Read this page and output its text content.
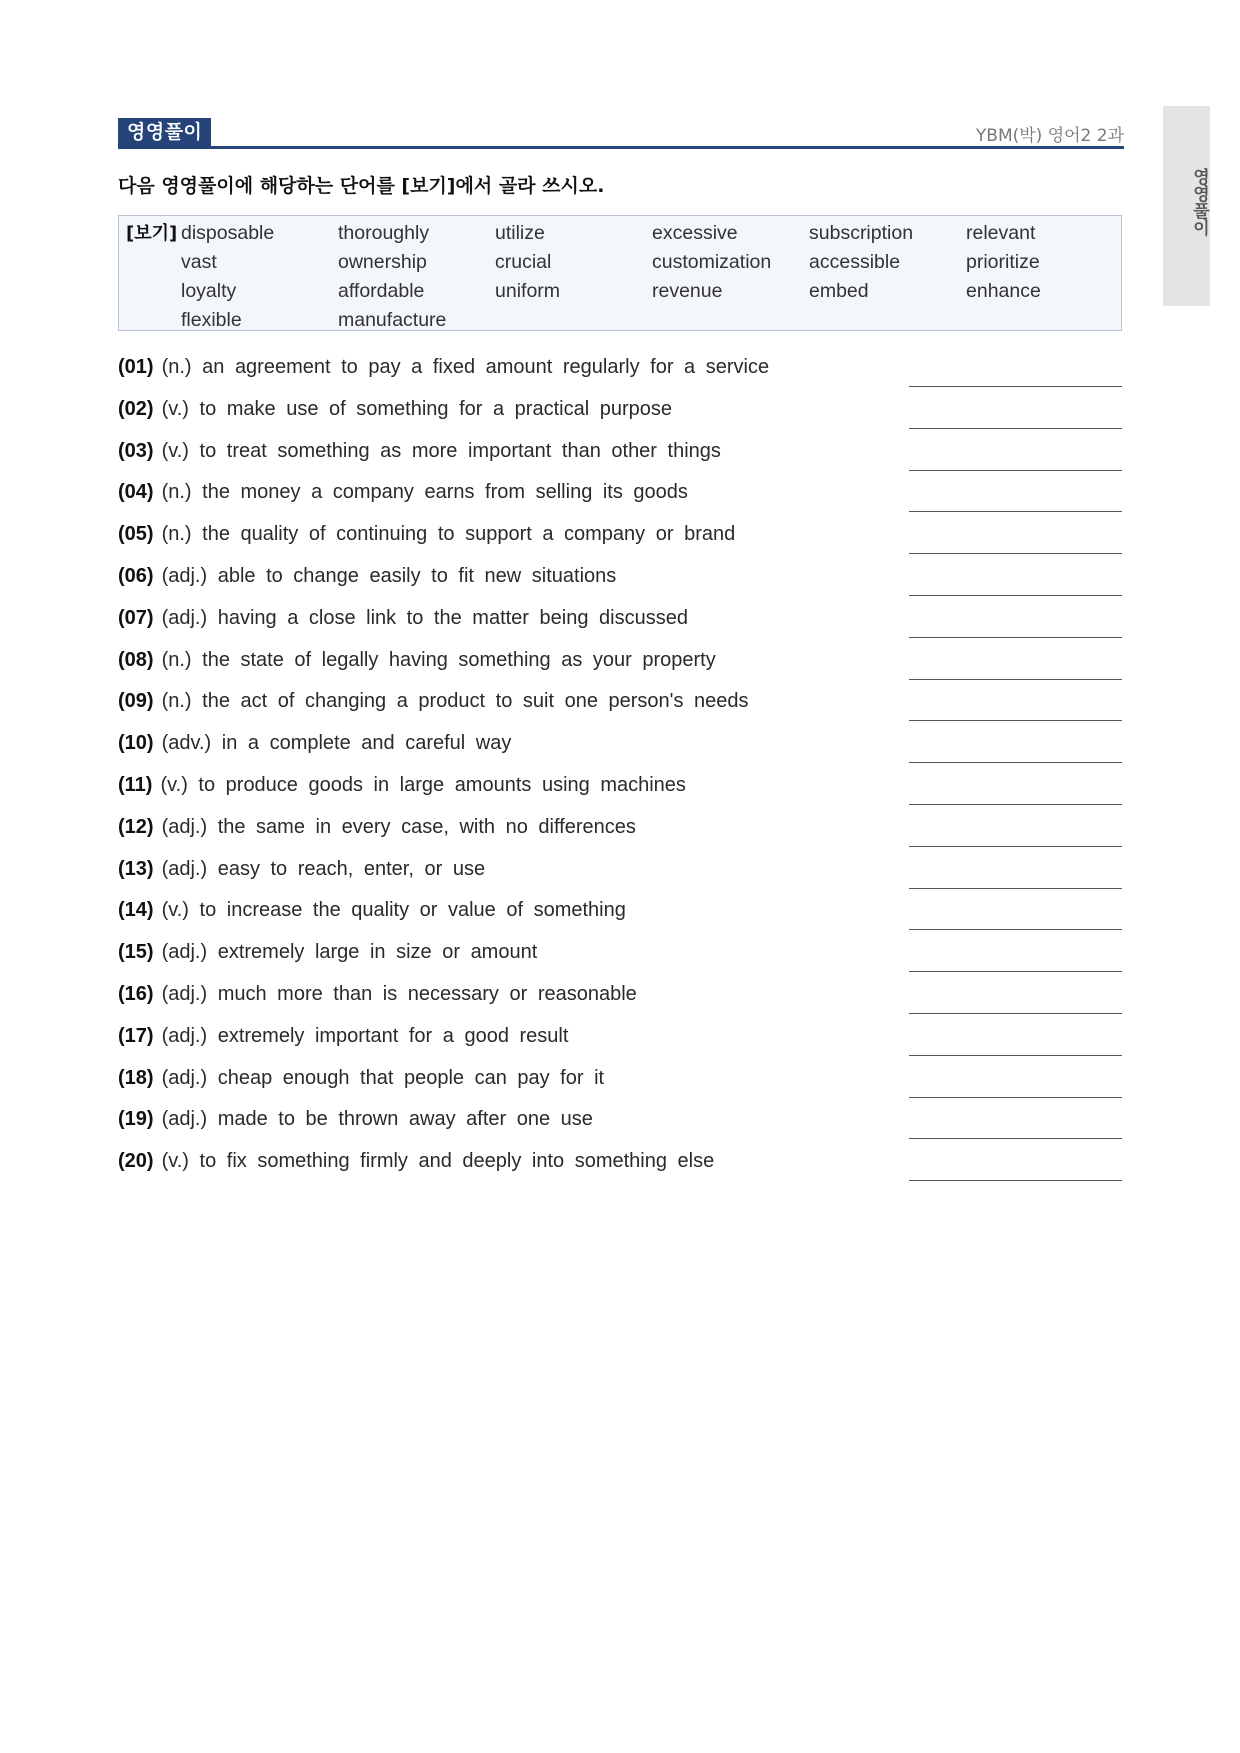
영영풀이	YBM(박) 영어2 2과
영영풀이
다음 영영풀이에 해당하는 단어를 [보기]에서 골라 쓰시오.
[보기] disposable	thoroughly	utilize	excessive	subscription	relevant
vast	ownership	crucial	customization	accessible	prioritize
loyalty	affordable	uniform	revenue	embed	enhance
flexible	manufacture
(01) (n.) an agreement to pay a fixed amount regularly for a service
(02) (v.) to make use of something for a practical purpose
(03) (v.) to treat something as more important than other things
(04) (n.) the money a company earns from selling its goods
(05) (n.) the quality of continuing to support a company or brand
(06) (adj.) able to change easily to fit new situations
(07) (adj.) having a close link to the matter being discussed
(08) (n.) the state of legally having something as your property
(09) (n.) the act of changing a product to suit one person's needs
(10) (adv.) in a complete and careful way
(11) (v.) to produce goods in large amounts using machines
(12) (adj.) the same in every case, with no differences
(13) (adj.) easy to reach, enter, or use
(14) (v.) to increase the quality or value of something
(15) (adj.) extremely large in size or amount
(16) (adj.) much more than is necessary or reasonable
(17) (adj.) extremely important for a good result
(18) (adj.) cheap enough that people can pay for it
(19) (adj.) made to be thrown away after one use
(20) (v.) to fix something firmly and deeply into something else
